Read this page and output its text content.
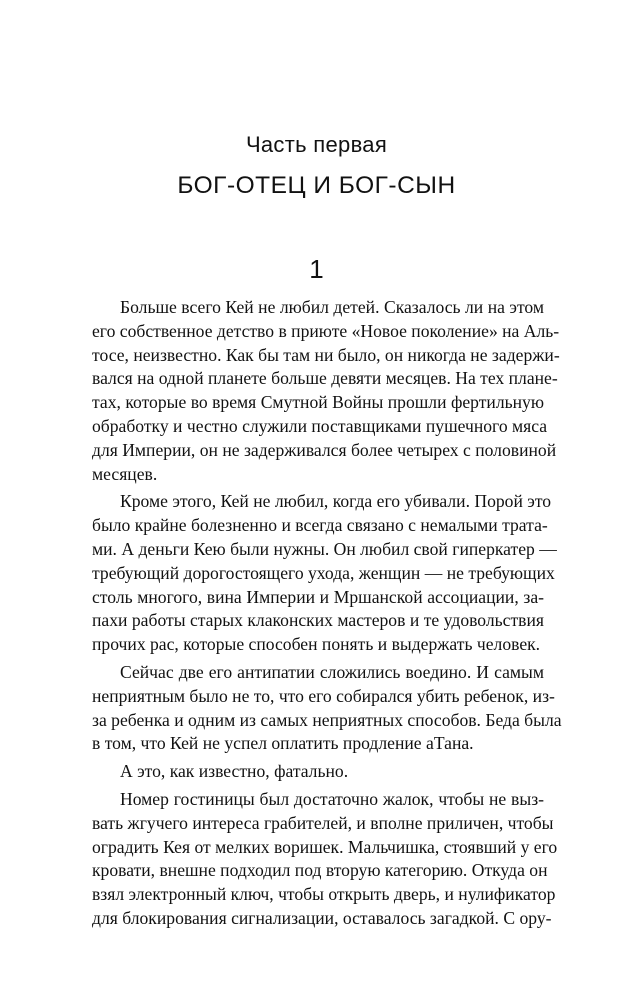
Часть первая
БОГ-ОТЕЦ И БОГ-СЫН
1
Больше всего Кей не любил детей. Сказалось ли на этом
его собственное детство в приюте «Новое поколение» на Аль-
тосе, неизвестно. Как бы там ни было, он никогда не задержи-
вался на одной планете больше девяти месяцев. На тех плане-
тах, которые во время Смутной Войны прошли фертильную
обработку и честно служили поставщиками пушечного мяса
для Империи, он не задерживался более четырех с половиной
месяцев.
Кроме этого, Кей не любил, когда его убивали. Порой это
было крайне болезненно и всегда связано с немалыми трата-
ми. А деньги Кею были нужны. Он любил свой гиперкатер —
требующий дорогостоящего ухода, женщин — не требующих
столь многого, вина Империи и Мршанской ассоциации, за-
пахи работы старых клаконских мастеров и те удовольствия
прочих рас, которые способен понять и выдержать человек.
Сейчас две его антипатии сложились воедино. И самым
неприятным было не то, что его собирался убить ребенок, из-
за ребенка и одним из самых неприятных способов. Беда была
в том, что Кей не успел оплатить продление аТана.
А это, как известно, фатально.
Номер гостиницы был достаточно жалок, чтобы не выз-
вать жгучего интереса грабителей, и вполне приличен, чтобы
оградить Кея от мелких воришек. Мальчишка, стоявший у его
кровати, внешне подходил под вторую категорию. Откуда он
взял электронный ключ, чтобы открыть дверь, и нулификатор
для блокирования сигнализации, оставалось загадкой. С ору-
